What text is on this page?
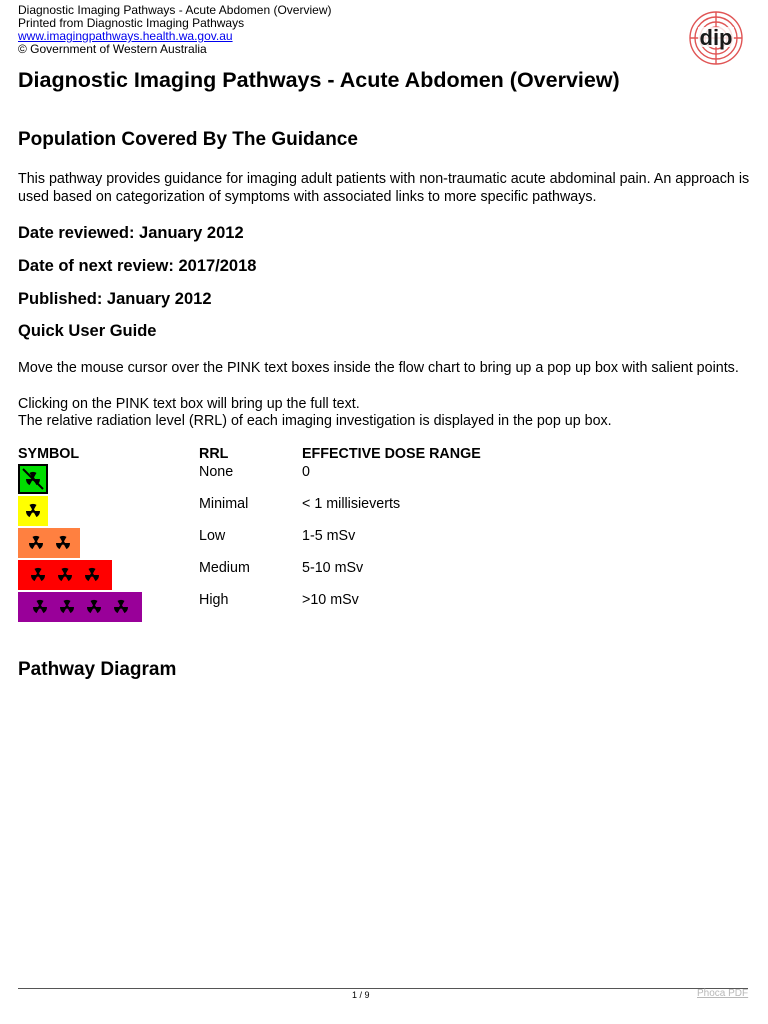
Diagnostic Imaging Pathways - Acute Abdomen (Overview)
Printed from Diagnostic Imaging Pathways
www.imagingpathways.health.wa.gov.au
© Government of Western Australia	dip
Diagnostic Imaging Pathways - Acute Abdomen (Overview)
Population Covered By The Guidance

This pathway provides guidance for imaging adult patients with non-traumatic acute abdominal pain. An approach is used based on categorization of symptoms with associated links to more specific pathways.

Date reviewed: January 2012

Date of next review: 2017/2018

Published: January 2012

Quick User Guide

Move the mouse cursor over the PINK text boxes inside the flow chart to bring up a pop up box with salient points.

Clicking on the PINK text box will bring up the full text.

The relative radiation level (RRL) of each imaging investigation is displayed in the pop up box.

SYMBOL	RRL	EFFECTIVE DOSE RANGE
None	0
Minimal	< 1 millisieverts
Low	1-5 mSv
Medium	5-10 mSv
High	>10 mSv
Pathway Diagram
1 / 9	Phoca PDF
